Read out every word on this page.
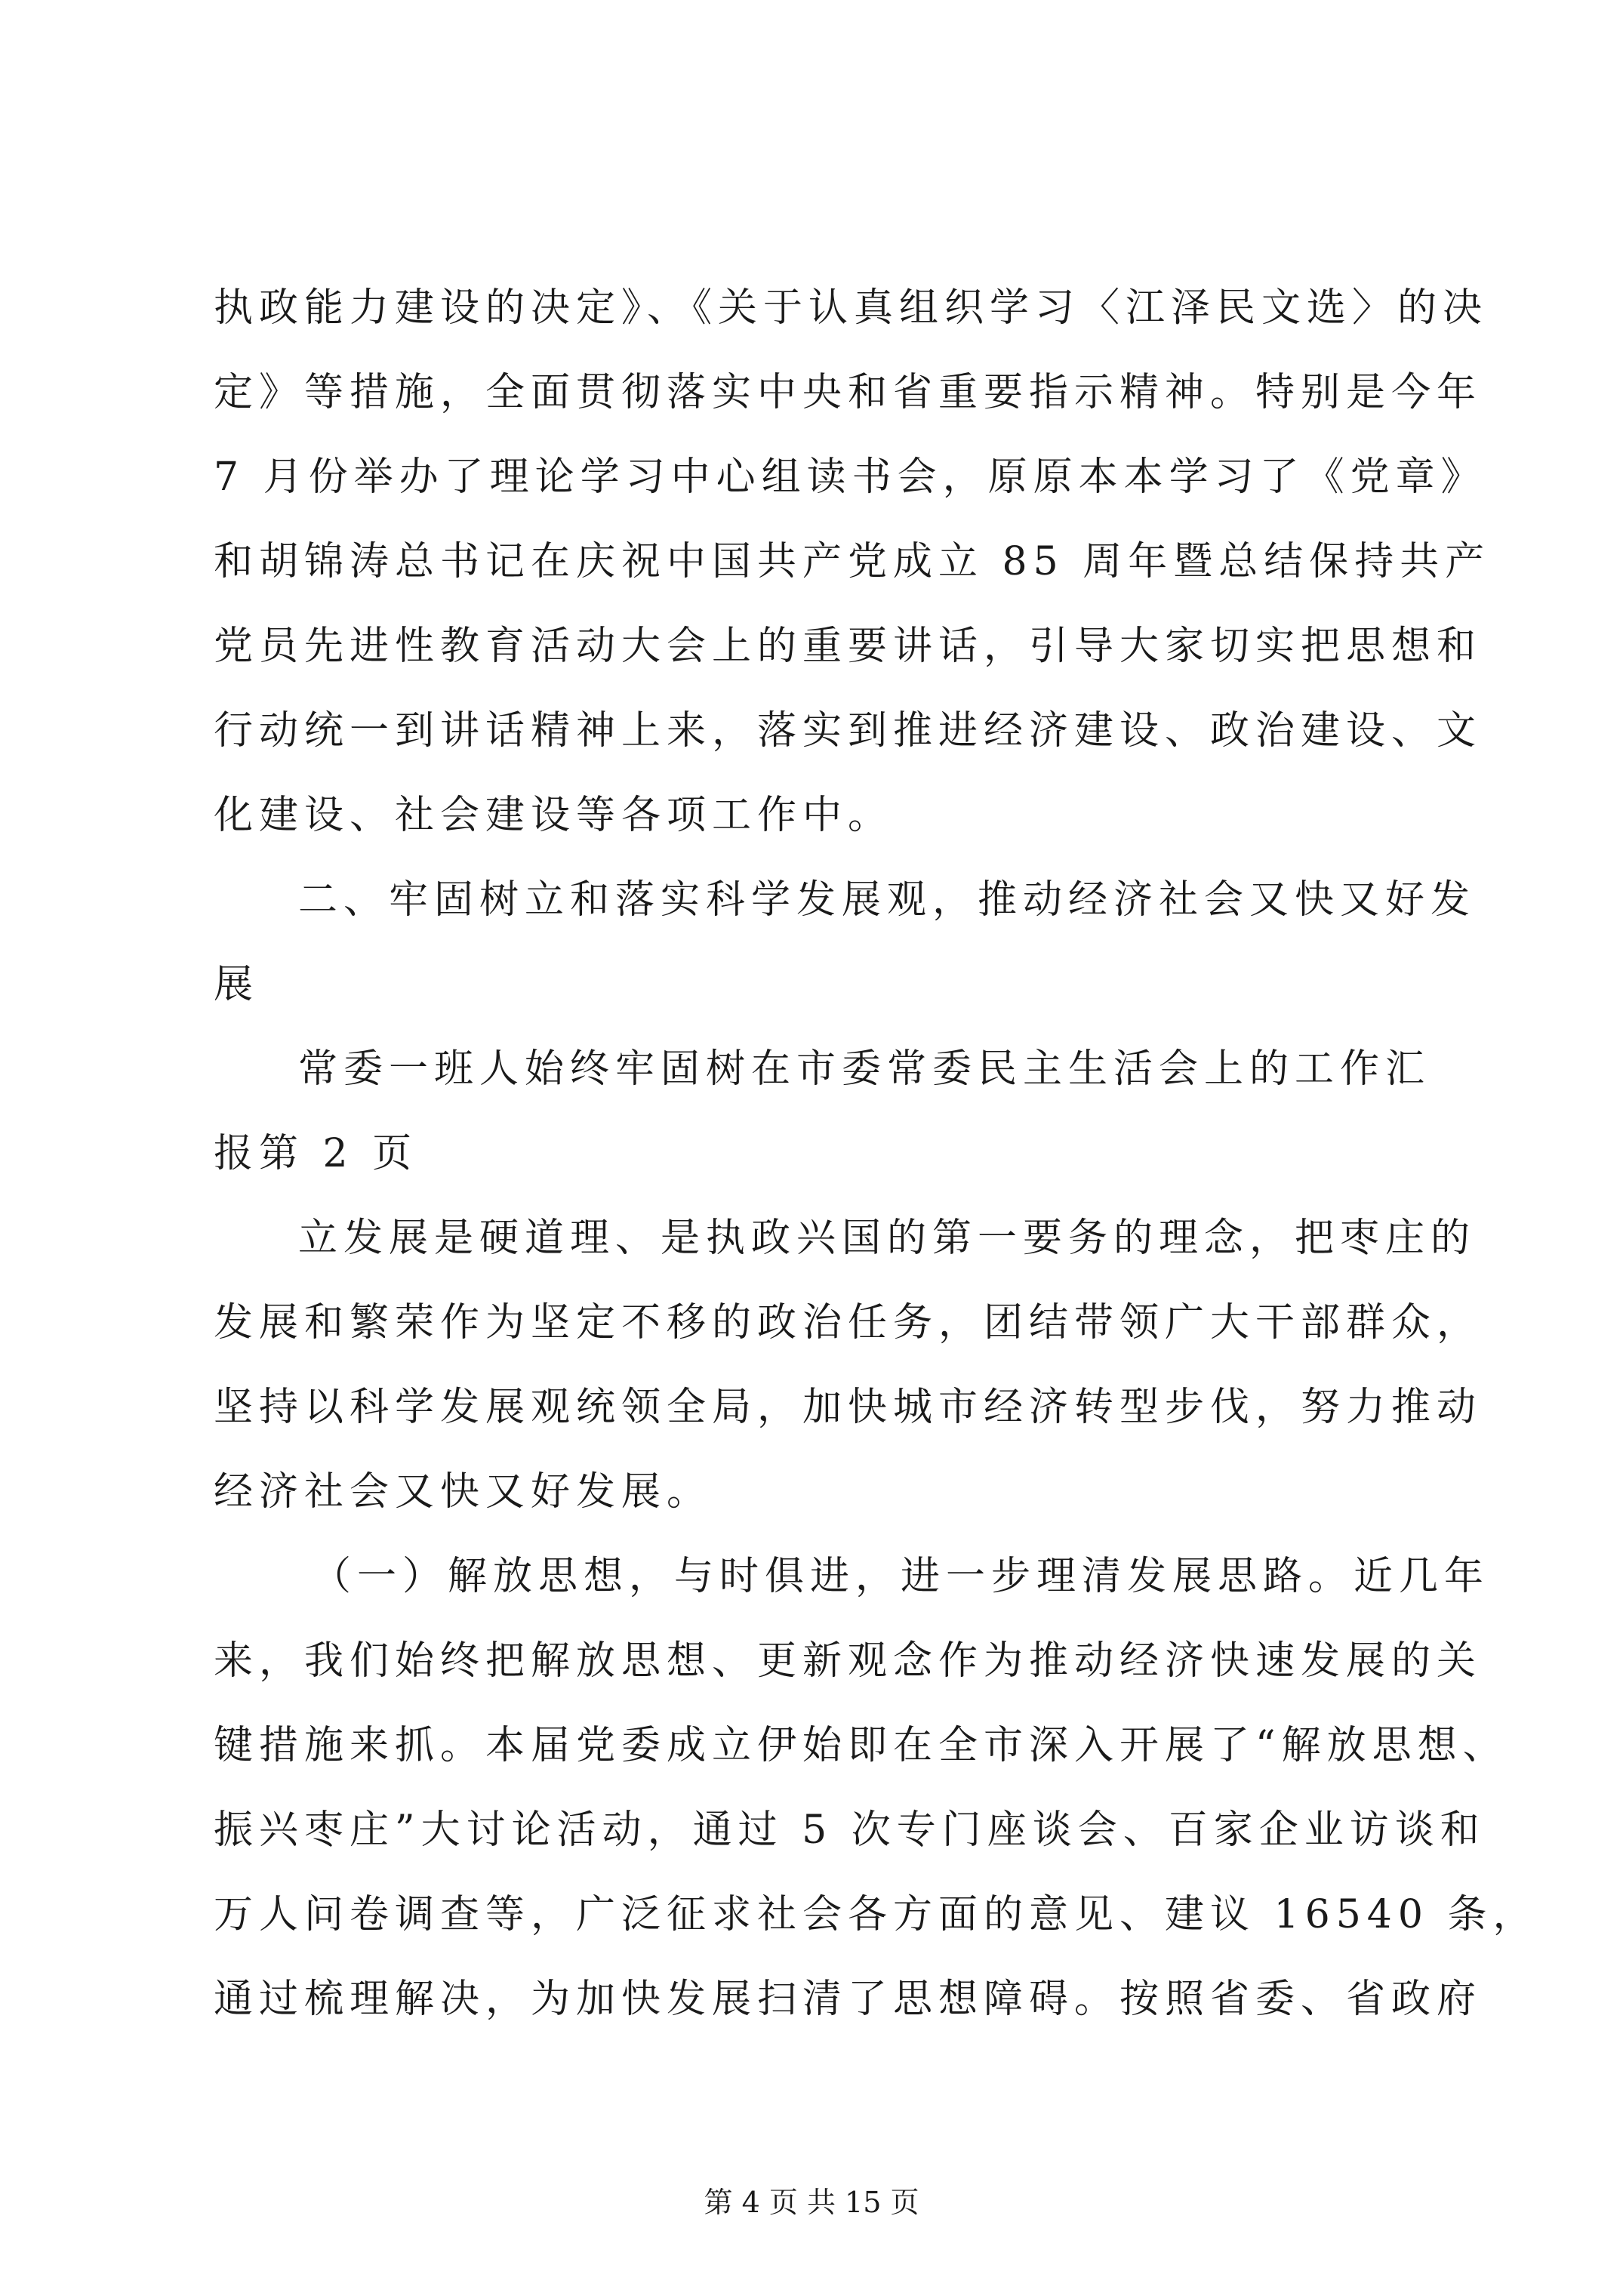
执政能力建设的决定》、《关于认真组织学习〈江泽民文选〉的决
定》等措施，全面贯彻落实中央和省重要指示精神。特别是今年
7 月份举办了理论学习中心组读书会，原原本本学习了《党章》
和胡锦涛总书记在庆祝中国共产党成立 85 周年暨总结保持共产
党员先进性教育活动大会上的重要讲话，引导大家切实把思想和
行动统一到讲话精神上来，落实到推进经济建设、政治建设、文
化建设、社会建设等各项工作中。
二、牢固树立和落实科学发展观，推动经济社会又快又好发
展
常委一班人始终牢固树在市委常委民主生活会上的工作汇
报第 2 页
立发展是硬道理、是执政兴国的第一要务的理念，把枣庄的
发展和繁荣作为坚定不移的政治任务，团结带领广大干部群众，
坚持以科学发展观统领全局，加快城市经济转型步伐，努力推动
经济社会又快又好发展。
（一）解放思想，与时俱进，进一步理清发展思路。近几年
来，我们始终把解放思想、更新观念作为推动经济快速发展的关
键措施来抓。本届党委成立伊始即在全市深入开展了“解放思想、
振兴枣庄”大讨论活动，通过 5 次专门座谈会、百家企业访谈和
万人问卷调查等，广泛征求社会各方面的意见、建议 16540 条，
通过梳理解决，为加快发展扫清了思想障碍。按照省委、省政府
第 4 页 共 15 页
